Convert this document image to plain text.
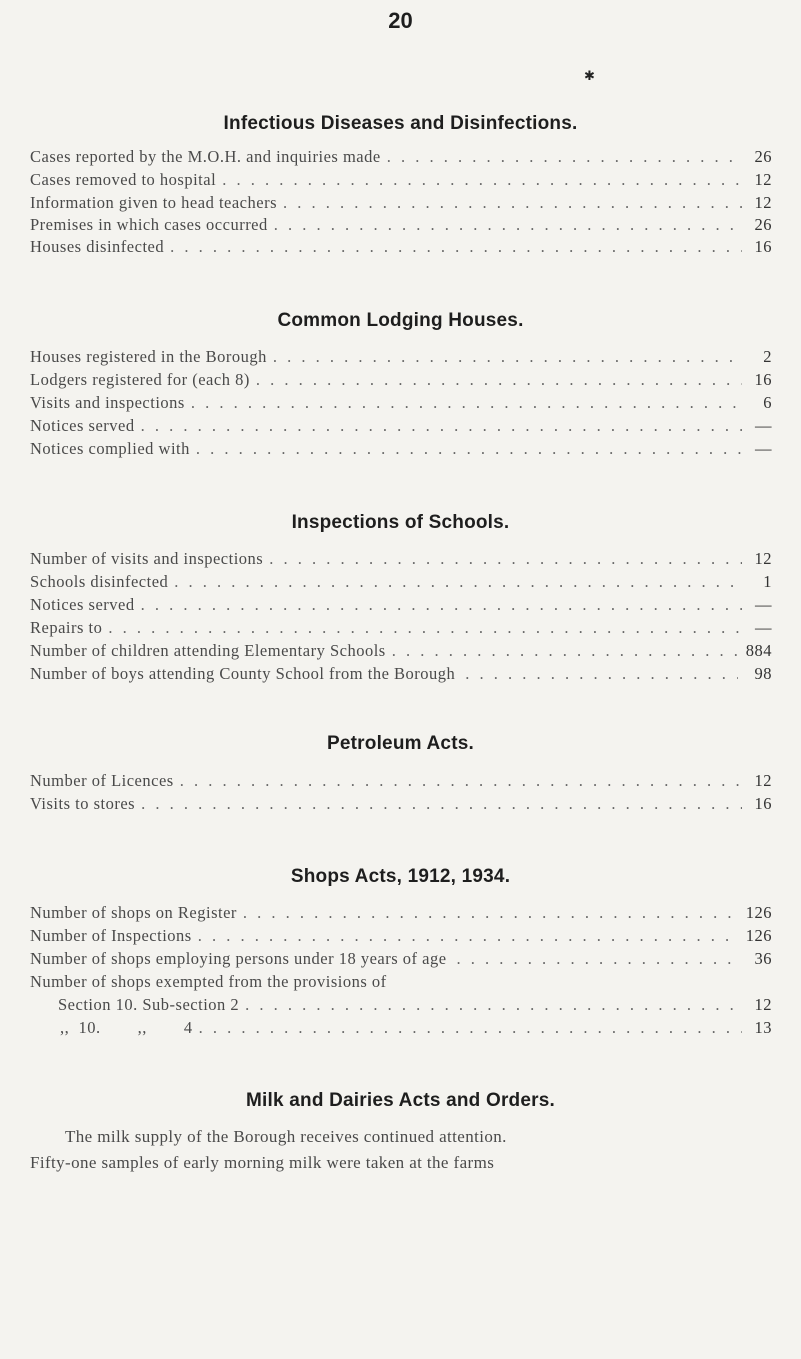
20
✱
Infectious Diseases and Disinfections.
Cases reported by the M.O.H. and inquiries made . . .	26
Cases removed to hospital . . .	12
Information given to head teachers . . .	12
Premises in which cases occurred . . .	26
Houses disinfected . . .	16
Common Lodging Houses.
Houses registered in the Borough . . .	2
Lodgers registered for (each 8) . . .	16
Visits and inspections . . .	6
Notices served . . .	—
Notices complied with . . .	—
Inspections of Schools.
Number of visits and inspections . . .	12
Schools disinfected . . .	1
Notices served . . .	—
Repairs to . . .	—
Number of children attending Elementary Schools . . .	884
Number of boys attending County School from the Borough . . .	98
Petroleum Acts.
Number of Licences . . .	12
Visits to stores . . .	16
Shops Acts, 1912, 1934.
Number of shops on Register . . .	126
Number of Inspections . . .	126
Number of shops employing persons under 18 years of age . . .	36
Number of shops exempted from the provisions of
Section 10. Sub-section 2 . . .	12
,,  10.        ,,        4 . . .	13
Milk and Dairies Acts and Orders.
The milk supply of the Borough receives continued attention.
Fifty-one samples of early morning milk were taken at the farms
